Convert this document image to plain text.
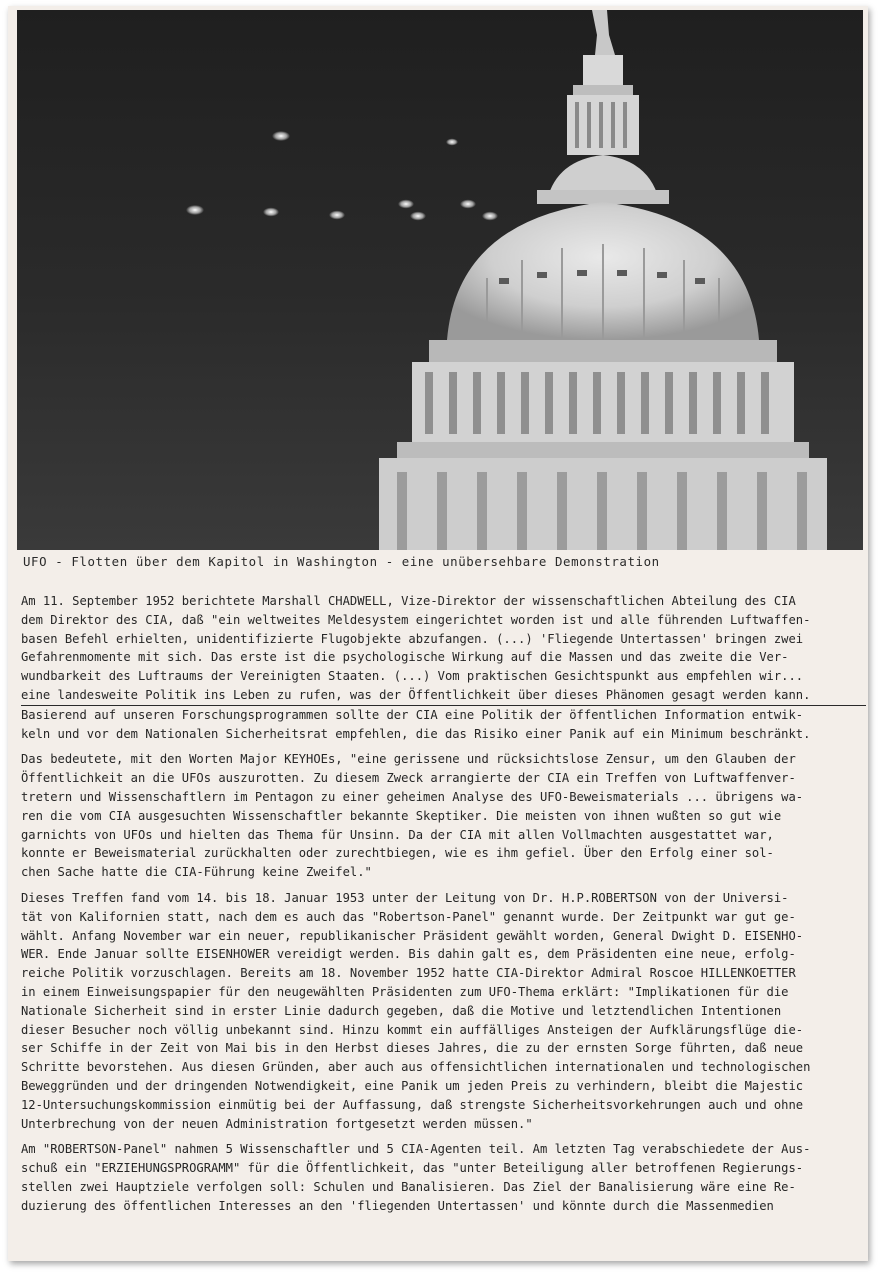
UFO - Flotten über dem Kapitol in Washington - eine unübersehbare Demonstration

Am 11. September 1952 berichtete Marshall CHADWELL, Vize-Direktor der wissenschaftlichen Abteilung des CIA
dem Direktor des CIA, daß "ein weltweites Meldesystem eingerichtet worden ist und alle führenden Luftwaffen-
basen Befehl erhielten, unidentifizierte Flugobjekte abzufangen. (...) 'Fliegende Untertassen' bringen zwei
Gefahrenmomente mit sich. Das erste ist die psychologische Wirkung auf die Massen und das zweite die Ver-
wundbarkeit des Luftraums der Vereinigten Staaten. (...) Vom praktischen Gesichtspunkt aus empfehlen wir...
eine landesweite Politik ins Leben zu rufen, was der Öffentlichkeit über dieses Phänomen gesagt werden kann.
Basierend auf unseren Forschungsprogrammen sollte der CIA eine Politik der öffentlichen Information entwik-
keln und vor dem Nationalen Sicherheitsrat empfehlen, die das Risiko einer Panik auf ein Minimum beschränkt.

Das bedeutete, mit den Worten Major KEYHOEs, "eine gerissene und rücksichtslose Zensur, um den Glauben der
Öffentlichkeit an die UFOs auszurotten. Zu diesem Zweck arrangierte der CIA ein Treffen von Luftwaffenver-
tretern und Wissenschaftlern im Pentagon zu einer geheimen Analyse des UFO-Beweismaterials ... übrigens wa-
ren die vom CIA ausgesuchten Wissenschaftler bekannte Skeptiker. Die meisten von ihnen wußten so gut wie
garnichts von UFOs und hielten das Thema für Unsinn. Da der CIA mit allen Vollmachten ausgestattet war,
konnte er Beweismaterial zurückhalten oder zurechtbiegen, wie es ihm gefiel. Über den Erfolg einer sol-
chen Sache hatte die CIA-Führung keine Zweifel."

Dieses Treffen fand vom 14. bis 18. Januar 1953 unter der Leitung von Dr. H.P.ROBERTSON von der Universi-
tät von Kalifornien statt, nach dem es auch das "Robertson-Panel" genannt wurde. Der Zeitpunkt war gut ge-
wählt. Anfang November war ein neuer, republikanischer Präsident gewählt worden, General Dwight D. EISENHO-
WER. Ende Januar sollte EISENHOWER vereidigt werden. Bis dahin galt es, dem Präsidenten eine neue, erfolg-
reiche Politik vorzuschlagen. Bereits am 18. November 1952 hatte CIA-Direktor Admiral Roscoe HILLENKOETTER
in einem Einweisungspapier für den neugewählten Präsidenten zum UFO-Thema erklärt: "Implikationen für die
Nationale Sicherheit sind in erster Linie dadurch gegeben, daß die Motive und letztendlichen Intentionen
dieser Besucher noch völlig unbekannt sind. Hinzu kommt ein auffälliges Ansteigen der Aufklärungsflüge die-
ser Schiffe in der Zeit von Mai bis in den Herbst dieses Jahres, die zu der ernsten Sorge führten, daß neue
Schritte bevorstehen. Aus diesen Gründen, aber auch aus offensichtlichen internationalen und technologischen
Beweggründen und der dringenden Notwendigkeit, eine Panik um jeden Preis zu verhindern, bleibt die Majestic
12-Untersuchungskommission einmütig bei der Auffassung, daß strengste Sicherheitsvorkehrungen auch und ohne
Unterbrechung von der neuen Administration fortgesetzt werden müssen."

Am "ROBERTSON-Panel" nahmen 5 Wissenschaftler und 5 CIA-Agenten teil. Am letzten Tag verabschiedete der Aus-
schuß ein "ERZIEHUNGSPROGRAMM" für die Öffentlichkeit, das "unter Beteiligung aller betroffenen Regierungs-
stellen zwei Hauptziele verfolgen soll: Schulen und Banalisieren. Das Ziel der Banalisierung wäre eine Re-
duzierung des öffentlichen Interesses an den 'fliegenden Untertassen' und könnte durch die Massenmedien
